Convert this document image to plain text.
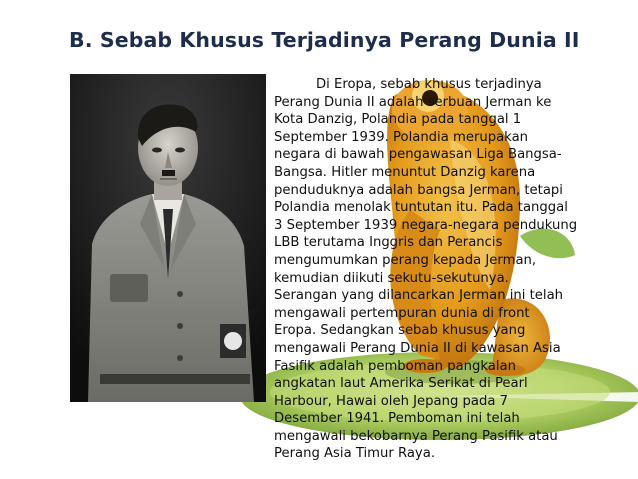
B. Sebab Khusus Terjadinya Perang Dunia II
Di Eropa, sebab khusus terjadinya
Perang Dunia II adalah serbuan Jerman ke
Kota Danzig, Polandia pada tanggal 1
September 1939. Polandia merupakan
negara di bawah pengawasan Liga Bangsa-
Bangsa. Hitler menuntut Danzig karena
penduduknya adalah bangsa Jerman, tetapi
Polandia menolak tuntutan itu. Pada tanggal
3 September 1939 negara-negara pendukung
LBB terutama Inggris dan Perancis
mengumumkan perang kepada Jerman,
kemudian diikuti sekutu-sekutunya.
Serangan yang dilancarkan Jerman ini telah
mengawali pertempuran dunia di front
Eropa. Sedangkan sebab khusus yang
mengawali Perang Dunia II di kawasan Asia
Fasifik adalah pemboman pangkalan
angkatan laut Amerika Serikat di Pearl
Harbour, Hawai oleh Jepang pada 7
Desember 1941. Pemboman ini telah
mengawali bekobarnya Perang Pasifik atau
Perang Asia Timur Raya.
